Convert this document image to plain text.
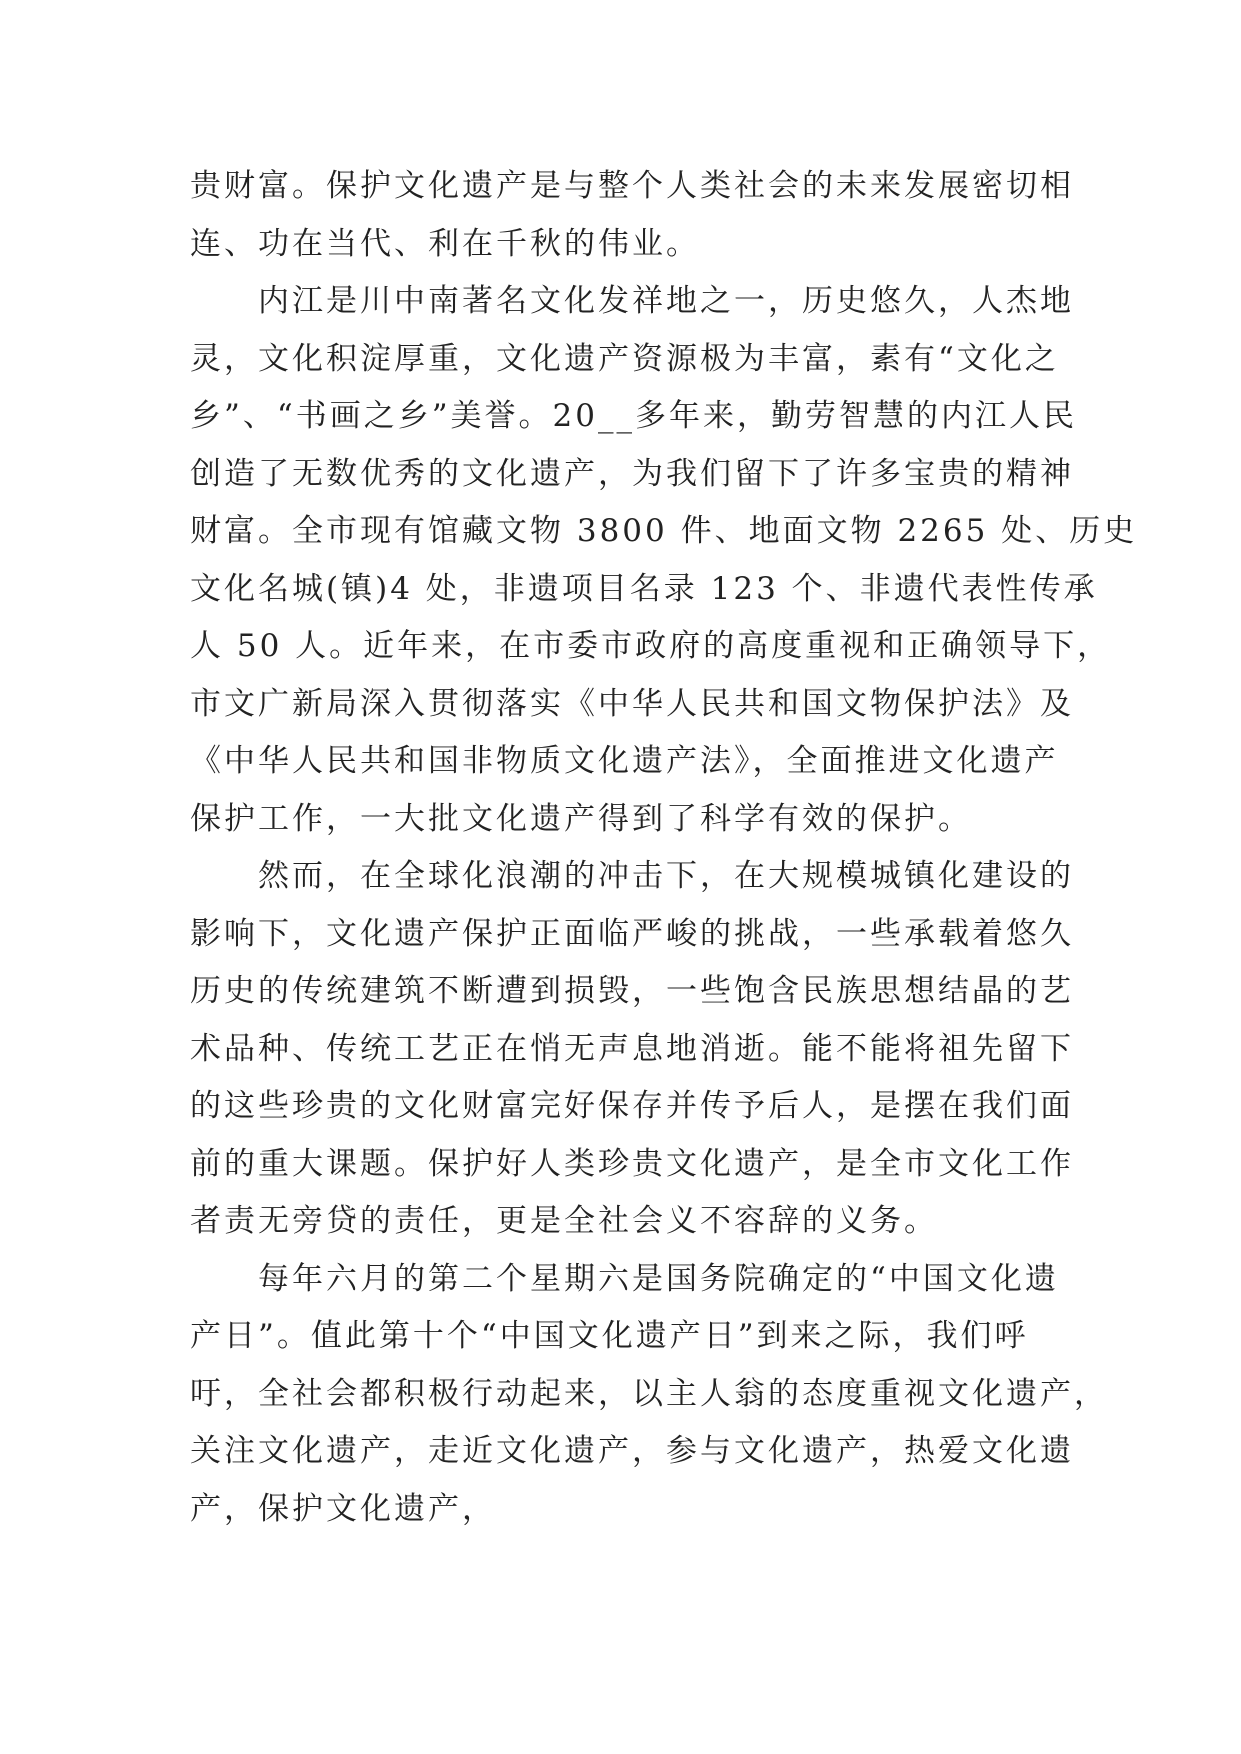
贵财富。保护文化遗产是与整个人类社会的未来发展密切相
连、功在当代、利在千秋的伟业。

内江是川中南著名文化发祥地之一，历史悠久，人杰地
灵，文化积淀厚重，文化遗产资源极为丰富，素有“文化之
乡”、“书画之乡”美誉。20__多年来，勤劳智慧的内江人民
创造了无数优秀的文化遗产，为我们留下了许多宝贵的精神
财富。全市现有馆藏文物 3800 件、地面文物 2265 处、历史
文化名城(镇)4 处，非遗项目名录 123 个、非遗代表性传承
人 50 人。近年来，在市委市政府的高度重视和正确领导下，
市文广新局深入贯彻落实《中华人民共和国文物保护法》及
《中华人民共和国非物质文化遗产法》，全面推进文化遗产
保护工作，一大批文化遗产得到了科学有效的保护。

然而，在全球化浪潮的冲击下，在大规模城镇化建设的
影响下，文化遗产保护正面临严峻的挑战，一些承载着悠久
历史的传统建筑不断遭到损毁，一些饱含民族思想结晶的艺
术品种、传统工艺正在悄无声息地消逝。能不能将祖先留下
的这些珍贵的文化财富完好保存并传予后人，是摆在我们面
前的重大课题。保护好人类珍贵文化遗产，是全市文化工作
者责无旁贷的责任，更是全社会义不容辞的义务。

每年六月的第二个星期六是国务院确定的“中国文化遗
产日”。值此第十个“中国文化遗产日”到来之际，我们呼
吁，全社会都积极行动起来，以主人翁的态度重视文化遗产，
关注文化遗产，走近文化遗产，参与文化遗产，热爱文化遗
产，保护文化遗产，
